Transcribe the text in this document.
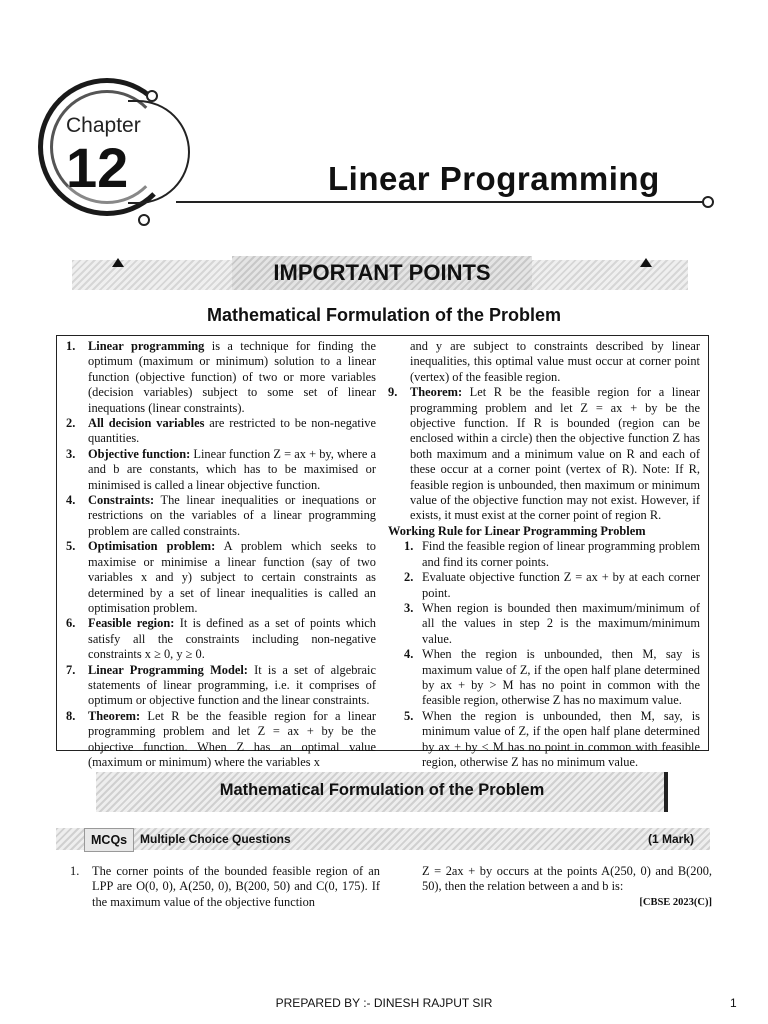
Chapter
12	Linear Programming
IMPORTANT POINTS
Mathematical Formulation of the Problem
1. Linear programming is a technique for finding the optimum (maximum or minimum) solution to a linear function (objective function) of two or more variables (decision variables) subject to some set of linear inequations (linear constraints).
2. All decision variables are restricted to be non-negative quantities.
3. Objective function: Linear function Z = ax + by, where a and b are constants, which has to be maximised or minimised is called a linear objective function.
4. Constraints: The linear inequalities or inequations or restrictions on the variables of a linear programming problem are called constraints.
5. Optimisation problem: A problem which seeks to maximise or minimise a linear function (say of two variables x and y) subject to certain constraints as determined by a set of linear inequalities is called an optimisation problem.
6. Feasible region: It is defined as a set of points which satisfy all the constraints including non-negative constraints x ≥ 0, y ≥ 0.
7. Linear Programming Model: It is a set of algebraic statements of linear programming, i.e. it comprises of optimum or objective function and the linear constraints.
8. Theorem: Let R be the feasible region for a linear programming problem and let Z = ax + by be the objective function. When Z has an optimal value (maximum or minimum) where the variables x

and y are subject to constraints described by linear inequalities, this optimal value must occur at corner point (vertex) of the feasible region.

9. Theorem: Let R be the feasible region for a linear programming problem and let Z = ax + by be the objective function. If R is bounded (region can be enclosed within a circle) then the objective function Z has both maximum and a minimum value on R and each of these occur at a corner point (vertex of R). Note: If R, feasible region is unbounded, then maximum or minimum value of the objective function may not exist. However, if exists, it must exist at the corner point of region R.

Working Rule for Linear Programming Problem

1. Find the feasible region of linear programming problem and find its corner points.
2. Evaluate objective function Z = ax + by at each corner point.
3. When region is bounded then maximum/minimum of all the values in step 2 is the maximum/minimum value.
4. When the region is unbounded, then M, say is maximum value of Z, if the open half plane determined by ax + by > M has no point in common with the feasible region, otherwise Z has no maximum value.
5. When the region is unbounded, then M, say, is minimum value of Z, if the open half plane determined by ax + by < M has no point in common with feasible region, otherwise Z has no minimum value.
Mathematical Formulation of the Problem
MCQs	Multiple Choice Questions	(1 Mark)
1. The corner points of the bounded feasible region of an LPP are O(0, 0), A(250, 0), B(200, 50) and C(0, 175). If the maximum value of the objective function

Z = 2ax + by occurs at the points A(250, 0) and B(200, 50), then the relation between a and b is:

[CBSE 2023(C)]

PREPARED BY :- DINESH RAJPUT SIR	1
